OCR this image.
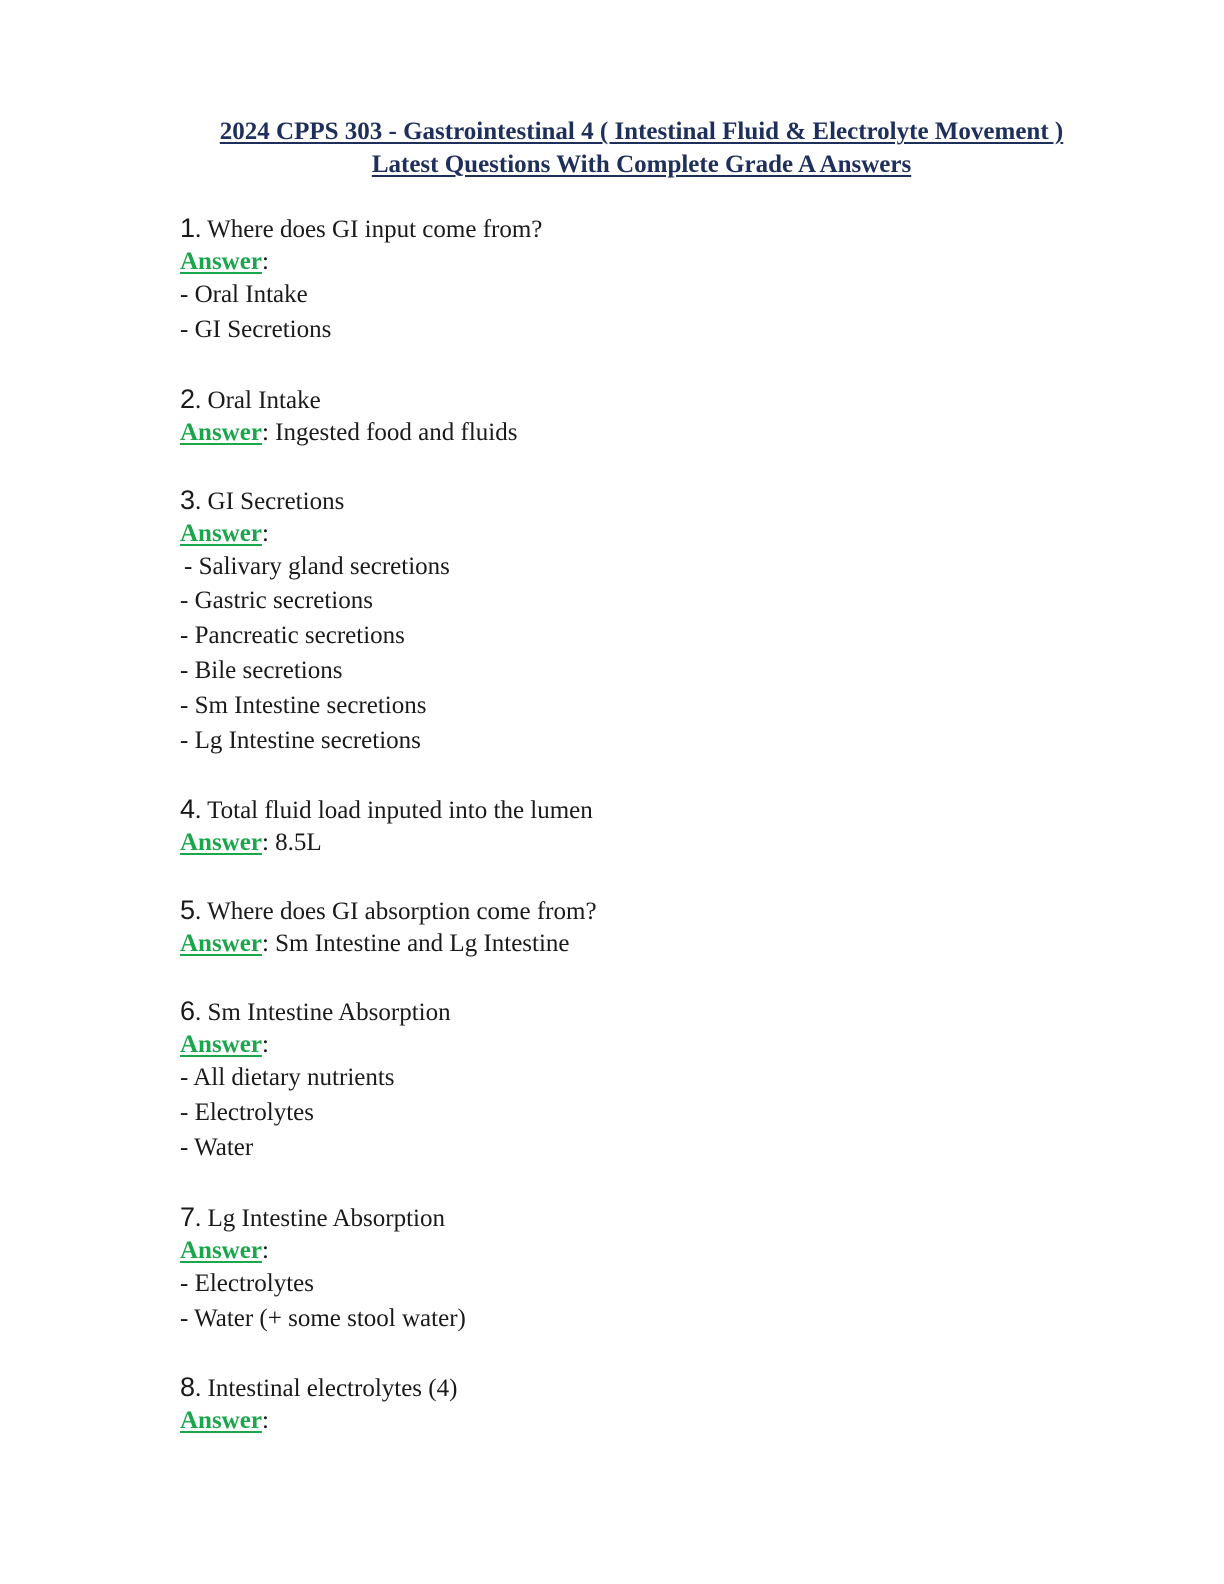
2024 CPPS 303 - Gastrointestinal 4 ( Intestinal Fluid & Electrolyte Movement )
Latest Questions With Complete Grade A Answers
1. Where does GI input come from?
Answer:
- Oral Intake
- GI Secretions
2. Oral Intake
Answer: Ingested food and fluids
3. GI Secretions
Answer:
- Salivary gland secretions
- Gastric secretions
- Pancreatic secretions
- Bile secretions
- Sm Intestine secretions
- Lg Intestine secretions
4. Total fluid load inputed into the lumen
Answer: 8.5L
5. Where does GI absorption come from?
Answer: Sm Intestine and Lg Intestine
6. Sm Intestine Absorption
Answer:
- All dietary nutrients
- Electrolytes
- Water
7. Lg Intestine Absorption
Answer:
- Electrolytes
- Water (+ some stool water)
8. Intestinal electrolytes (4)
Answer:
